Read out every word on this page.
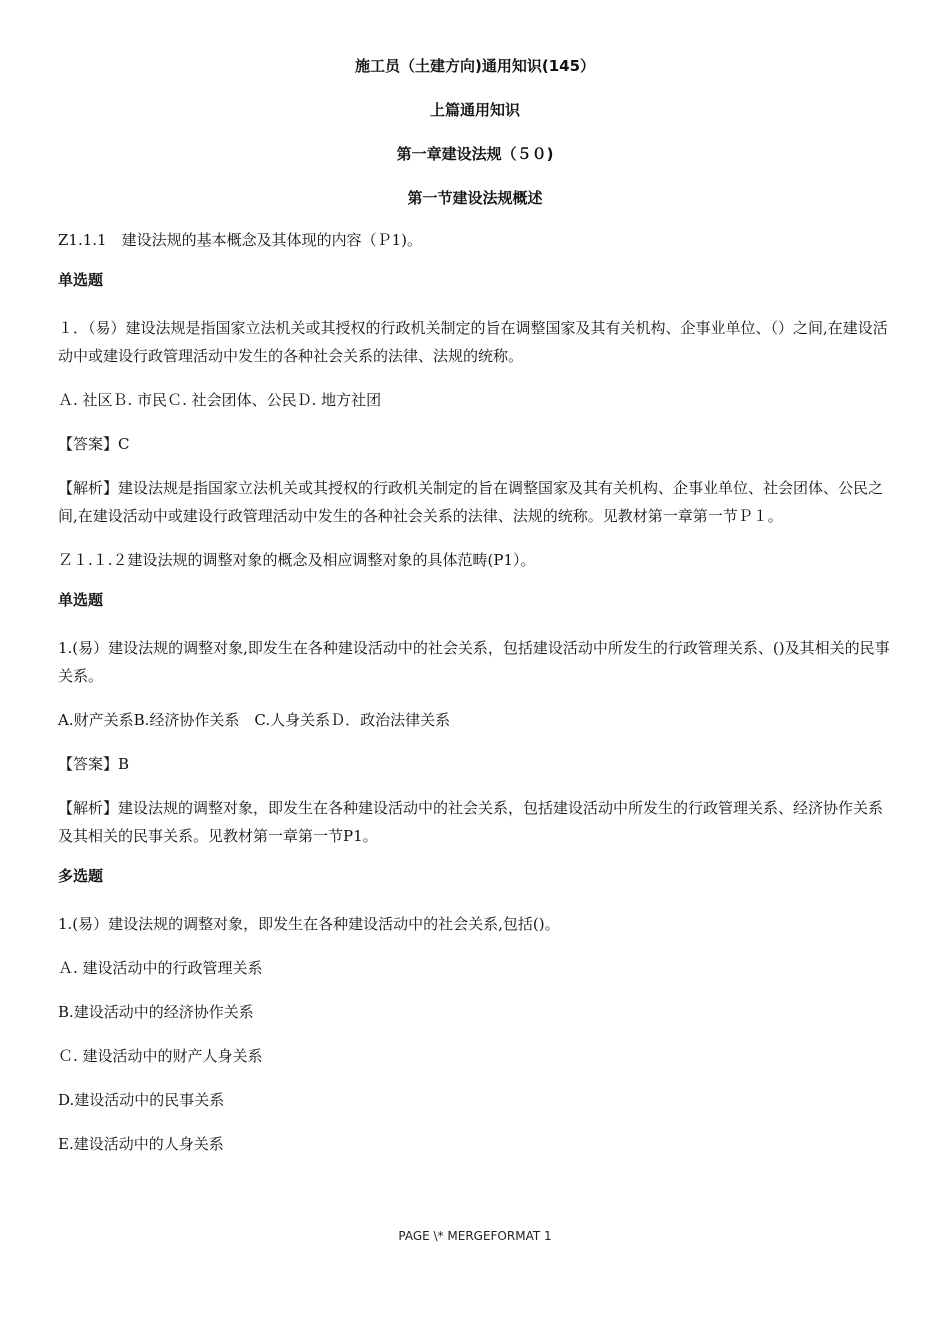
施工员（土建方向)通用知识(145）
上篇通用知识
第一章建设法规（５０)
第一节建设法规概述
Z1.1.1　建设法规的基本概念及其体现的内容（Ｐ1)。
单选题
１．（易）建设法规是指国家立法机关或其授权的行政机关制定的旨在调整国家及其有关机构、企事业单位、（）之间,在建设活动中或建设行政管理活动中发生的各种社会关系的法律、法规的统称。
Ａ. 社区Ｂ. 市民Ｃ. 社会团体、公民Ｄ. 地方社团
【答案】C
【解析】建设法规是指国家立法机关或其授权的行政机关制定的旨在调整国家及其有关机构、企事业单位、社会团体、公民之间,在建设活动中或建设行政管理活动中发生的各种社会关系的法律、法规的统称。见教材第一章第一节Ｐ１。
Ｚ１.１.２建设法规的调整对象的概念及相应调整对象的具体范畴(P1）。
单选题
1.(易）建设法规的调整对象,即发生在各种建设活动中的社会关系，包括建设活动中所发生的行政管理关系、()及其相关的民事关系。
A.财产关系B.经济协作关系　C.人身关系Ｄ．政治法律关系
【答案】B
【解析】建设法规的调整对象，即发生在各种建设活动中的社会关系，包括建设活动中所发生的行政管理关系、经济协作关系及其相关的民事关系。见教材第一章第一节P1。
多选题
1.(易）建设法规的调整对象，即发生在各种建设活动中的社会关系,包括()。
Ａ. 建设活动中的行政管理关系
B.建设活动中的经济协作关系
Ｃ. 建设活动中的财产人身关系
D.建设活动中的民事关系
E.建设活动中的人身关系
PAGE \* MERGEFORMAT 1
